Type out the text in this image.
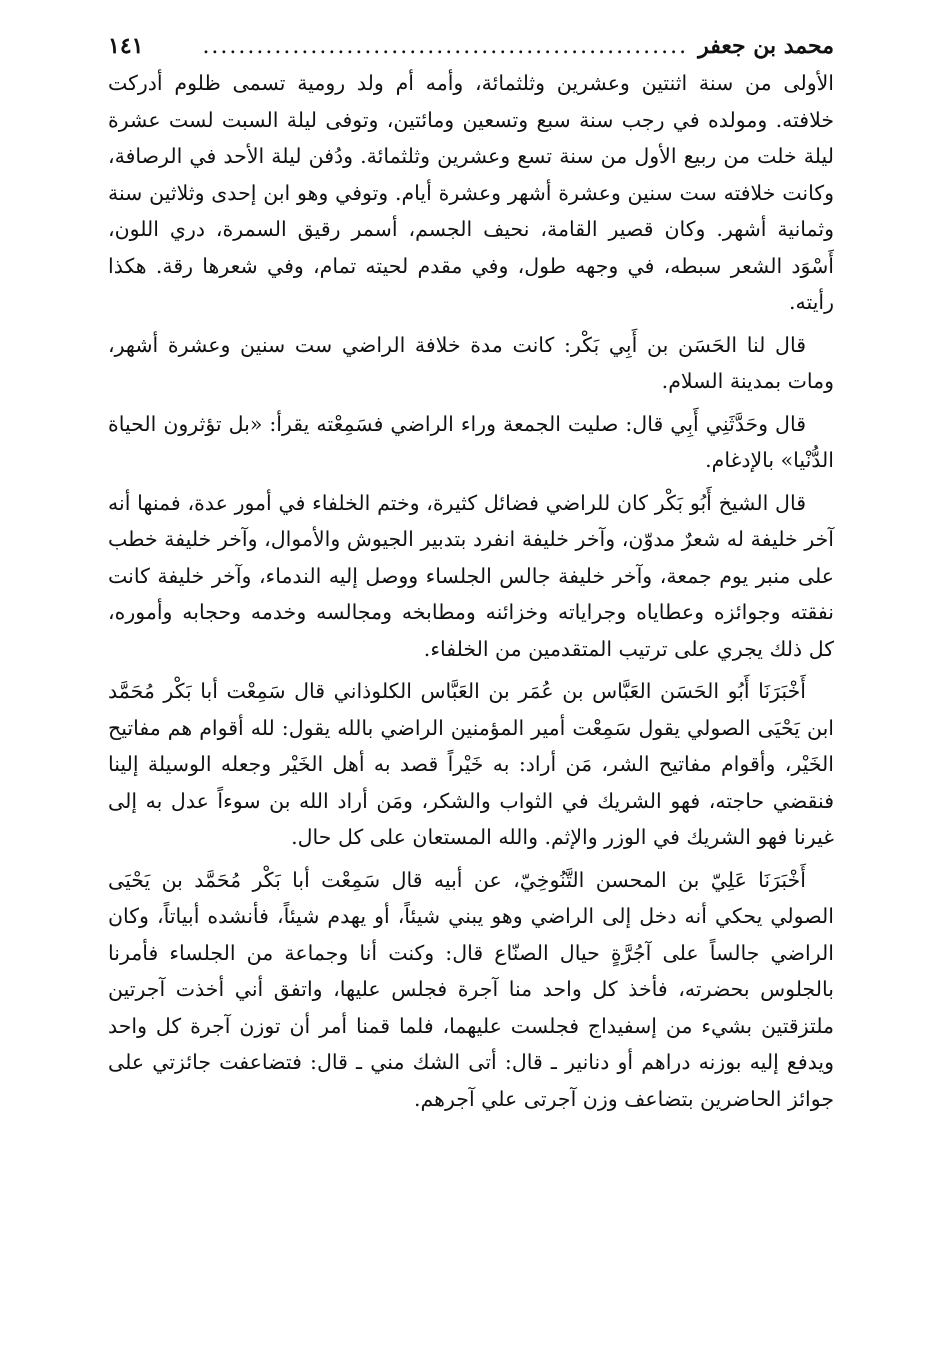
محمد بن جعفر
......................................................
١٤١

الأولى من سنة اثنتين وعشرين وثلثمائة، وأمه أم ولد رومية تسمى ظلوم أدركت خلافته. ومولده في رجب سنة سبع وتسعين ومائتين، وتوفى ليلة السبت لست عشرة ليلة خلت من ربيع الأول من سنة تسع وعشرين وثلثمائة. ودُفن ليلة الأحد في الرصافة، وكانت خلافته ست سنين وعشرة أشهر وعشرة أيام. وتوفي وهو ابن إحدى وثلاثين سنة وثمانية أشهر. وكان قصير القامة، نحيف الجسم، أسمر رقيق السمرة، دري اللون، أَسْوَد الشعر سبطه، في وجهه طول، وفي مقدم لحيته تمام، وفي شعرها رقة. هكذا رأيته.

قال لنا الحَسَن بن أَبِي بَكْر: كانت مدة خلافة الراضي ست سنين وعشرة أشهر، ومات بمدينة السلام.

قال وحَدَّثَنِي أَبِي قال: صليت الجمعة وراء الراضي فسَمِعْته يقرأ: «بل تؤثرون الحياة الدُّنْيا» بالإدغام.

قال الشيخ أَبُو بَكْر كان للراضي فضائل كثيرة، وختم الخلفاء في أمور عدة، فمنها أنه آخر خليفة له شعرٌ مدوّن، وآخر خليفة انفرد بتدبير الجيوش والأموال، وآخر خليفة خطب على منبر يوم جمعة، وآخر خليفة جالس الجلساء ووصل إليه الندماء، وآخر خليفة كانت نفقته وجوائزه وعطاياه وجراياته وخزائنه ومطابخه ومجالسه وخدمه وحجابه وأموره، كل ذلك يجري على ترتيب المتقدمين من الخلفاء.

أَخْبَرَنَا أَبُو الحَسَن العَبَّاس بن عُمَر بن العَبَّاس الكلوذاني قال سَمِعْت أبا بَكْر مُحَمَّد ابن يَحْيَى الصولي يقول سَمِعْت أمير المؤمنين الراضي بالله يقول: لله أقوام هم مفاتيح الخَيْر، وأقوام مفاتيح الشر، مَن أراد: به خَيْراً قصد به أهل الخَيْر وجعله الوسيلة إلينا فنقضي حاجته، فهو الشريك في الثواب والشكر، ومَن أراد الله بن سوءاً عدل به إلى غيرنا فهو الشريك في الوزر والإثم. والله المستعان على كل حال.

أَخْبَرَنَا عَلِيّ بن المحسن التَّنُوخِيّ، عن أبيه قال سَمِعْت أبا بَكْر مُحَمَّد بن يَحْيَى الصولي يحكي أنه دخل إلى الراضي وهو يبني شيئاً، أو يهدم شيئاً، فأنشده أبياتاً، وكان الراضي جالساً على آجُرَّةٍ حيال الصنّاع قال: وكنت أنا وجماعة من الجلساء فأمرنا بالجلوس بحضرته، فأخذ كل واحد منا آجرة فجلس عليها، واتفق أني أخذت آجرتين ملتزقتين بشيء من إسفيداج فجلست عليهما، فلما قمنا أمر أن توزن آجرة كل واحد ويدفع إليه بوزنه دراهم أو دنانير ـ قال: أتى الشك مني ـ قال: فتضاعفت جائزتي على جوائز الحاضرين بتضاعف وزن آجرتى علي آجرهم.
